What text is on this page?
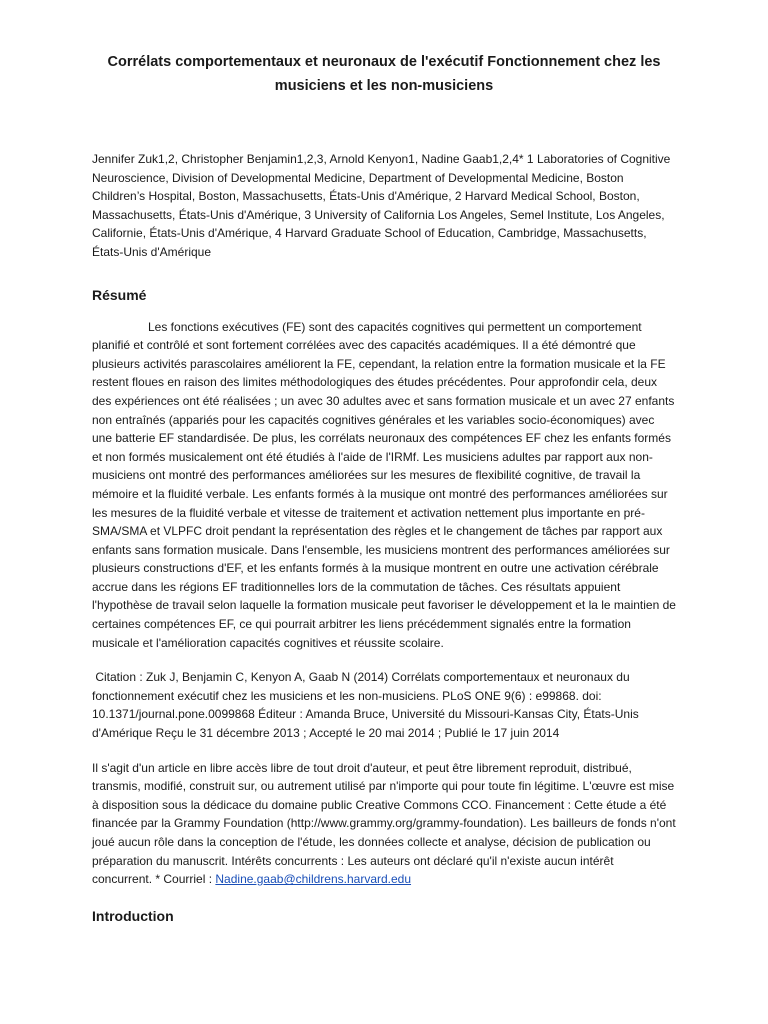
Corrélats comportementaux et neuronaux de l'exécutif Fonctionnement chez les musiciens et les non-musiciens
Jennifer Zuk1,2, Christopher Benjamin1,2,3, Arnold Kenyon1, Nadine Gaab1,2,4* 1 Laboratories of Cognitive Neuroscience, Division of Developmental Medicine, Department of Developmental Medicine, Boston Children’s Hospital, Boston, Massachusetts, États-Unis d'Amérique, 2 Harvard Medical School, Boston, Massachusetts, États-Unis d'Amérique, 3 University of California Los Angeles, Semel Institute, Los Angeles, Californie, États-Unis d'Amérique, 4 Harvard Graduate School of Education, Cambridge, Massachusetts, États-Unis d'Amérique
Résumé

Les fonctions exécutives (FE) sont des capacités cognitives qui permettent un comportement planifié et contrôlé et sont fortement corrélées avec des capacités académiques. Il a été démontré que plusieurs activités parascolaires améliorent la FE, cependant, la relation entre la formation musicale et la FE restent floues en raison des limites méthodologiques des études précédentes. Pour approfondir cela, deux des expériences ont été réalisées ; un avec 30 adultes avec et sans formation musicale et un avec 27 enfants non entraînés (appariés pour les capacités cognitives générales et les variables socio-économiques) avec une batterie EF standardisée. De plus, les corrélats neuronaux des compétences EF chez les enfants formés et non formés musicalement ont été étudiés à l'aide de l'IRMf. Les musiciens adultes par rapport aux non-musiciens ont montré des performances améliorées sur les mesures de flexibilité cognitive, de travail la mémoire et la fluidité verbale. Les enfants formés à la musique ont montré des performances améliorées sur les mesures de la fluidité verbale et vitesse de traitement et activation nettement plus importante en pré-SMA/SMA et VLPFC droit pendant la représentation des règles et le changement de tâches par rapport aux enfants sans formation musicale. Dans l'ensemble, les musiciens montrent des performances améliorées sur plusieurs constructions d'EF, et les enfants formés à la musique montrent en outre une activation cérébrale accrue dans les régions EF traditionnelles lors de la commutation de tâches. Ces résultats appuient l'hypothèse de travail selon laquelle la formation musicale peut favoriser le développement et la le maintien de certaines compétences EF, ce qui pourrait arbitrer les liens précédemment signalés entre la formation musicale et l'amélioration capacités cognitives et réussite scolaire.

Citation : Zuk J, Benjamin C, Kenyon A, Gaab N (2014) Corrélats comportementaux et neuronaux du fonctionnement exécutif chez les musiciens et les non-musiciens. PLoS ONE 9(6) : e99868. doi: 10.1371/journal.pone.0099868 Éditeur : Amanda Bruce, Université du Missouri-Kansas City, États-Unis d'Amérique Reçu le 31 décembre 2013 ; Accepté le 20 mai 2014 ; Publié le 17 juin 2014

Il s'agit d'un article en libre accès libre de tout droit d'auteur, et peut être librement reproduit, distribué, transmis, modifié, construit sur, ou autrement utilisé par n'importe qui pour toute fin légitime. L'œuvre est mise à disposition sous la dédicace du domaine public Creative Commons CCO. Financement : Cette étude a été financée par la Grammy Foundation (http://www.grammy.org/grammy-foundation). Les bailleurs de fonds n'ont joué aucun rôle dans la conception de l'étude, les données collecte et analyse, décision de publication ou préparation du manuscrit. Intérêts concurrents : Les auteurs ont déclaré qu'il n'existe aucun intérêt concurrent. * Courriel : Nadine.gaab@childrens.harvard.edu

Introduction
